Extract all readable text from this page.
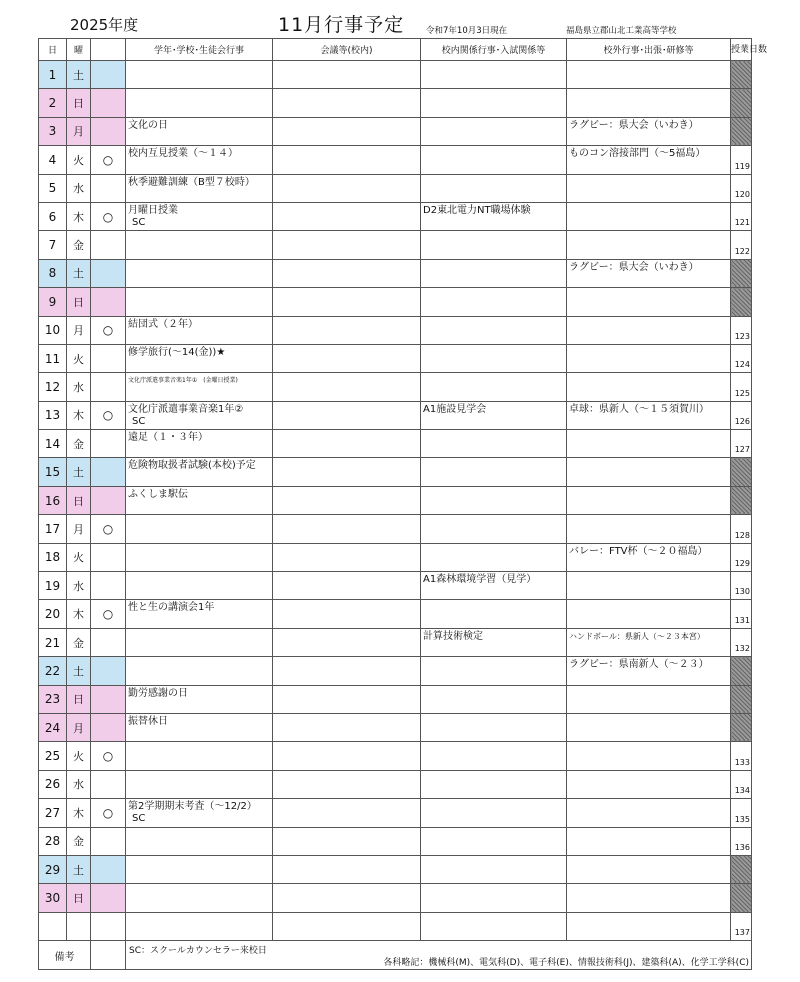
2025年度	11月行事予定	令和7年10月3日現在	福島県立郡山北工業高等学校
日	曜		学年･学校･生徒会行事	会議等(校内)	校内関係行事･入試関係等	校外行事･出張･研修等	授業日数
1	土		

2	日		

3	月		文化の日			ラグビー：県大会（いわき）	
4	火	○	校内互見授業（～１４）			ものコン溶接部門（～5福島）	119
5	水		秋季避難訓練（B型７校時）				120
6	木	○	月曜日授業
SC		D2東北電力NT職場体験		121
7	金						122
8	土					ラグビー：県大会（いわき）	
9	日		

10	月	○	結団式（２年）				123
11	火		修学旅行(～14(金))★				124
12	水		文化庁派遣事業音楽1年①　(金曜日授業)				125
13	木	○	文化庁派遣事業音楽1年②
SC		A1施設見学会	卓球：県新人（～１５須賀川）	126
14	金		遠足（１・３年）				127
15	土		危険物取扱者試験(本校)予定				

16	日		ふくしま駅伝				

17	月	○					128
18	火					バレー：FTV杯（～２０福島）	129
19	水				A1森林環境学習（見学）		130
20	木	○	性と生の講演会1年				131
21	金				計算技術検定	ハンドボール：県新人（～２３本宮）	132
22	土					ラグビー：県南新人（～２３）	
23	日		勤労感謝の日				

24	月		振替休日				

25	火	○					133
26	水						134
27	木	○	第2学期期末考査（～12/2）
SC				135
28	金						136
29	土		

30	日		

				137
備考			SC：スクールカウンセラー来校日
各科略記：機械科(M)、電気科(D)、電子科(E)、情報技術科(J)、建築科(A)、化学工学科(C)				
